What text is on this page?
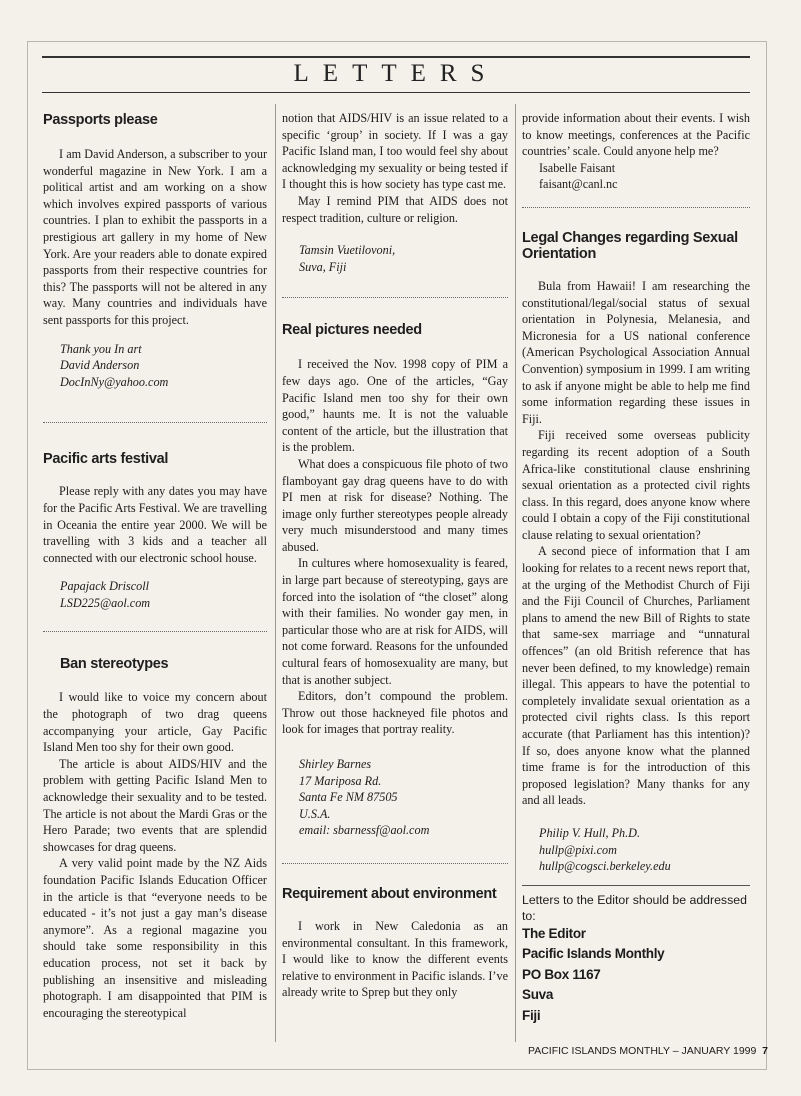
LETTERS
Passports please

I am David Anderson, a subscriber to your wonderful magazine in New York. I am a political artist and am working on a show which involves expired passports of various countries. I plan to exhibit the passports in a prestigious art gallery in my home of New York. Are your readers able to donate expired passports from their respective countries for this? The passports will not be altered in any way. Many countries and individuals have sent passports for this project.

Thank you In art
David Anderson
DocInNy@yahoo.com
Pacific arts festival

Please reply with any dates you may have for the Pacific Arts Festival. We are travelling in Oceania the entire year 2000. We will be travelling with 3 kids and a teacher all connected with our electronic school house.

Papajack Driscoll
LSD225@aol.com
Ban stereotypes

I would like to voice my concern about the photograph of two drag queens accompanying your article, Gay Pacific Island Men too shy for their own good.

The article is about AIDS/HIV and the problem with getting Pacific Island Men to acknowledge their sexuality and to be tested. The article is not about the Mardi Gras or the Hero Parade; two events that are splendid showcases for drag queens.

A very valid point made by the NZ Aids foundation Pacific Islands Education Officer in the article is that “everyone needs to be educated - it’s not just a gay man’s disease anymore”. As a regional magazine you should take some responsibility in this education process, not set it back by publishing an insensitive and misleading photograph. I am disappointed that PIM is encouraging the stereotypical

notion that AIDS/HIV is an issue related to a specific ‘group’ in society. If I was a gay Pacific Island man, I too would feel shy about acknowledging my sexuality or being tested if I thought this is how society has type cast me.

May I remind PIM that AIDS does not respect tradition, culture or religion.

Tamsin Vuetilovoni,
Suva, Fiji
Real pictures needed

I received the Nov. 1998 copy of PIM a few days ago. One of the articles, “Gay Pacific Island men too shy for their own good,” haunts me. It is not the valuable content of the article, but the illustration that is the problem.

What does a conspicuous file photo of two flamboyant gay drag queens have to do with PI men at risk for disease? Nothing. The image only further stereotypes people already very much misunderstood and many times abused.

In cultures where homosexuality is feared, in large part because of stereotyping, gays are forced into the isolation of “the closet” along with their families. No wonder gay men, in particular those who are at risk for AIDS, will not come forward. Reasons for the unfounded cultural fears of homosexuality are many, but that is another subject.

Editors, don’t compound the problem. Throw out those hackneyed file photos and look for images that portray reality.

Shirley Barnes
17 Mariposa Rd.
Santa Fe NM 87505
U.S.A.
email: sbarnessf@aol.com
Requirement about environment

I work in New Caledonia as an environmental consultant. In this framework, I would like to know the different events relative to environment in Pacific islands. I’ve already write to Sprep but they only

provide information about their events. I wish to know meetings, conferences at the Pacific countries’ scale. Could anyone help me?

Isabelle Faisant
faisant@canl.nc
Legal Changes regarding Sexual Orientation

Bula from Hawaii! I am researching the constitutional/legal/social status of sexual orientation in Polynesia, Melanesia, and Micronesia for a US national conference (American Psychological Association Annual Convention) symposium in 1999. I am writing to ask if anyone might be able to help me find some information regarding these issues in Fiji.

Fiji received some overseas publicity regarding its recent adoption of a South Africa-like constitutional clause enshrining sexual orientation as a protected civil rights class. In this regard, does anyone know where could I obtain a copy of the Fiji constitutional clause relating to sexual orientation?

A second piece of information that I am looking for relates to a recent news report that, at the urging of the Methodist Church of Fiji and the Fiji Council of Churches, Parliament plans to amend the new Bill of Rights to state that same-sex marriage and “unnatural offences” (an old British reference that has never been defined, to my knowledge) remain illegal. This appears to have the potential to completely invalidate sexual orientation as a protected civil rights class. Is this report accurate (that Parliament has this intention)? If so, does anyone know what the planned time frame is for the introduction of this proposed legislation? Many thanks for any and all leads.

Philip V. Hull, Ph.D.
hullp@pixi.com
hullp@cogsci.berkeley.edu
Letters to the Editor should be addressed to:
The Editor
Pacific Islands Monthly
PO Box 1167
Suva
Fiji
PACIFIC ISLANDS MONTHLY – JANUARY 1999 7
